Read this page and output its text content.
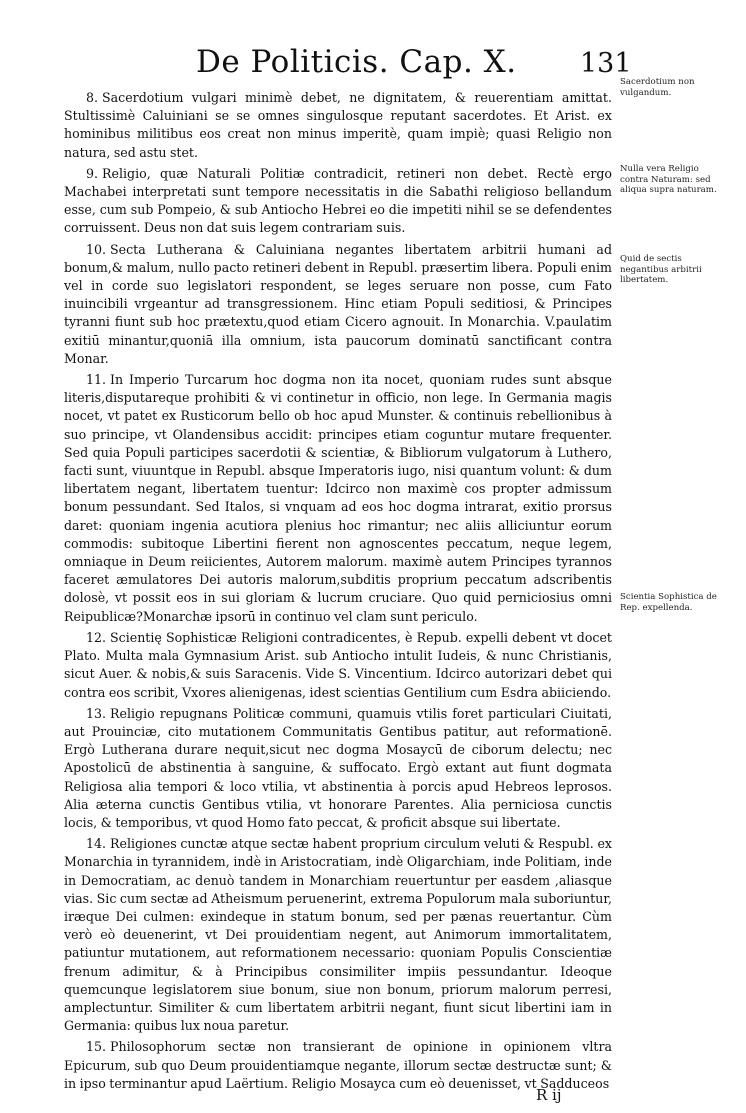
De Politicis. Cap. X. 131

8. Sacerdotium vulgari minimè debet, ne dignitatem, & reuerentiam amittat. Stultissimè Caluiniani se se omnes singulosque reputant sacerdotes. Et Arist. ex hominibus militibus eos creat non minus imperitè, quam impiè; quasi Religio non natura, sed astu stet.

9. Religio, quæ Naturali Politiæ contradicit, retineri non debet. Rectè ergo Machabei interpretati sunt tempore necessitatis in die Sabathi religioso bellandum esse, cum sub Pompeio, & sub Antiocho Hebrei eo die impetiti nihil se se defendentes corruissent. Deus non dat suis legem contrariam suis.

10. Secta Lutherana & Caluiniana negantes libertatem arbitrii humani ad bonum,& malum, nullo pacto retineri debent in Republ. præsertim libera. Populi enim vel in corde suo legislatori respondent, se leges seruare non posse, cum Fato inuincibili vrgeantur ad transgressionem. Hinc etiam Populi seditiosi, & Principes tyranni fiunt sub hoc prætextu,quod etiam Cicero agnouit. In Monarchia. V.paulatim exitiū minantur,quoniā illa omnium, ista paucorum dominatū sanctificant contra Monar.

11. In Imperio Turcarum hoc dogma non ita nocet, quoniam rudes sunt absque literis,disputareque prohibiti & vi continetur in officio, non lege. In Germania magis nocet, vt patet ex Rusticorum bello ob hoc apud Munster. & continuis rebellionibus à suo principe, vt Olandensibus accidit: principes etiam coguntur mutare frequenter. Sed quia Populi participes sacerdotii & scientiæ, & Bibliorum vulgatorum à Luthero, facti sunt, viuuntque in Republ. absque Imperatoris iugo, nisi quantum volunt: & dum libertatem negant, libertatem tuentur: Idcirco non maximè cos propter admissum bonum pessundant. Sed Italos, si vnquam ad eos hoc dogma intrarat, exitio prorsus daret: quoniam ingenia acutiora plenius hoc rimantur; nec aliis alliciuntur eorum commodis: subitoque Libertini fierent non agnoscentes peccatum, neque legem, omniaque in Deum reiicientes, Autorem malorum. maximè autem Principes tyrannos faceret æmulatores Dei autoris malorum,subditis proprium peccatum adscribentis dolosè, vt possit eos in sui gloriam & lucrum cruciare. Quo quid perniciosius omni Reipublicæ?Monarchæ ipsorū in continuo vel clam sunt periculo.

12. Scientię Sophisticæ Religioni contradicentes, è Repub. expelli debent vt docet Plato. Multa mala Gymnasium Arist. sub Antiocho intulit Iudeis, & nunc Christianis, sicut Auer. & nobis,& suis Saracenis. Vide S. Vincentium. Idcirco autorizari debet qui contra eos scribit, Vxores alienigenas, idest scientias Gentilium cum Esdra abiiciendo.

13. Religio repugnans Politicæ communi, quamuis vtilis foret particulari Ciuitati, aut Prouinciæ, cito mutationem Communitatis Gentibus patitur, aut reformationē. Ergò Lutherana durare nequit,sicut nec dogma Mosaycū de ciborum delectu; nec Apostolicū de abstinentia à sanguine, & suffocato. Ergò extant aut fiunt dogmata Religiosa alia tempori & loco vtilia, vt abstinentia à porcis apud Hebreos leprosos. Alia æterna cunctis Gentibus vtilia, vt honorare Parentes. Alia perniciosa cunctis locis, & temporibus, vt quod Homo fato peccat, & proficit absque sui libertate.

14. Religiones cunctæ atque sectæ habent proprium circulum veluti & Respubl. ex Monarchia in tyrannidem, indè in Aristocratiam, indè Oligarchiam, inde Politiam, inde in Democratiam, ac denuò tandem in Monarchiam reuertuntur per easdem ,aliasque vias. Sic cum sectæ ad Atheismum peruenerint, extrema Populorum mala suboriuntur, iræque Dei culmen: exindeque in statum bonum, sed per pænas reuertantur. Cùm verò eò deuenerint, vt Dei prouidentiam negent, aut Animorum immortalitatem, patiuntur mutationem, aut reformationem necessario: quoniam Populis Conscientiæ frenum adimitur, & à Principibus consimiliter impiis pessundantur. Ideoque quemcunque legislatorem siue bonum, siue non bonum, priorum malorum perresi, amplectuntur. Similiter & cum libertatem arbitrii negant, fiunt sicut libertini iam in Germania: quibus lux noua paretur.

15. Philosophorum sectæ non transierant de opinione in opinionem vltra Epicurum, sub quo Deum prouidentiamque negante, illorum sectæ destructæ sunt; & in ipso terminantur apud Laërtium. Religio Mosayca cum eò deuenisset, vt Sadduceos

Sacerdotium non vulgandum.
Nulla vera Religio contra Naturam: sed aliqua supra naturam.
Quid de sectis negantibus arbitrii libertatem.
Scientia Sophistica de Rep. expellenda.
R ij
